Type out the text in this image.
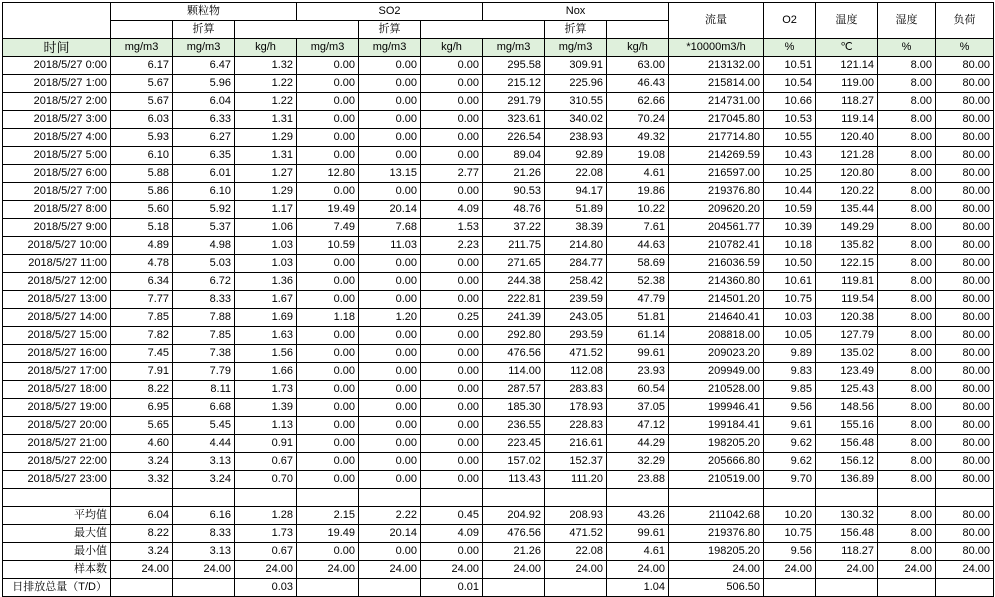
	颗粒物			SO2			Nox			流量	O2	温度	湿度	负荷
		折算			折算			折算						
时间	mg/m3	mg/m3	kg/h	mg/m3	mg/m3	kg/h	mg/m3	mg/m3	kg/h	*10000m3/h	%	℃	%	%
2018/5/27 0:00	6.17	6.47	1.32	0.00	0.00	0.00	295.58	309.91	63.00	213132.00	10.51	121.14	8.00	80.00
2018/5/27 1:00	5.67	5.96	1.22	0.00	0.00	0.00	215.12	225.96	46.43	215814.00	10.54	119.00	8.00	80.00
2018/5/27 2:00	5.67	6.04	1.22	0.00	0.00	0.00	291.79	310.55	62.66	214731.00	10.66	118.27	8.00	80.00
2018/5/27 3:00	6.03	6.33	1.31	0.00	0.00	0.00	323.61	340.02	70.24	217045.80	10.53	119.14	8.00	80.00
2018/5/27 4:00	5.93	6.27	1.29	0.00	0.00	0.00	226.54	238.93	49.32	217714.80	10.55	120.40	8.00	80.00
2018/5/27 5:00	6.10	6.35	1.31	0.00	0.00	0.00	89.04	92.89	19.08	214269.59	10.43	121.28	8.00	80.00
2018/5/27 6:00	5.88	6.01	1.27	12.80	13.15	2.77	21.26	22.08	4.61	216597.00	10.25	120.80	8.00	80.00
2018/5/27 7:00	5.86	6.10	1.29	0.00	0.00	0.00	90.53	94.17	19.86	219376.80	10.44	120.22	8.00	80.00
2018/5/27 8:00	5.60	5.92	1.17	19.49	20.14	4.09	48.76	51.89	10.22	209620.20	10.59	135.44	8.00	80.00
2018/5/27 9:00	5.18	5.37	1.06	7.49	7.68	1.53	37.22	38.39	7.61	204561.77	10.39	149.29	8.00	80.00
2018/5/27 10:00	4.89	4.98	1.03	10.59	11.03	2.23	211.75	214.80	44.63	210782.41	10.18	135.82	8.00	80.00
2018/5/27 11:00	4.78	5.03	1.03	0.00	0.00	0.00	271.65	284.77	58.69	216036.59	10.50	122.15	8.00	80.00
2018/5/27 12:00	6.34	6.72	1.36	0.00	0.00	0.00	244.38	258.42	52.38	214360.80	10.61	119.81	8.00	80.00
2018/5/27 13:00	7.77	8.33	1.67	0.00	0.00	0.00	222.81	239.59	47.79	214501.20	10.75	119.54	8.00	80.00
2018/5/27 14:00	7.85	7.88	1.69	1.18	1.20	0.25	241.39	243.05	51.81	214640.41	10.03	120.38	8.00	80.00
2018/5/27 15:00	7.82	7.85	1.63	0.00	0.00	0.00	292.80	293.59	61.14	208818.00	10.05	127.79	8.00	80.00
2018/5/27 16:00	7.45	7.38	1.56	0.00	0.00	0.00	476.56	471.52	99.61	209023.20	9.89	135.02	8.00	80.00
2018/5/27 17:00	7.91	7.79	1.66	0.00	0.00	0.00	114.00	112.08	23.93	209949.00	9.83	123.49	8.00	80.00
2018/5/27 18:00	8.22	8.11	1.73	0.00	0.00	0.00	287.57	283.83	60.54	210528.00	9.85	125.43	8.00	80.00
2018/5/27 19:00	6.95	6.68	1.39	0.00	0.00	0.00	185.30	178.93	37.05	199946.41	9.56	148.56	8.00	80.00
2018/5/27 20:00	5.65	5.45	1.13	0.00	0.00	0.00	236.55	228.83	47.12	199184.41	9.61	155.16	8.00	80.00
2018/5/27 21:00	4.60	4.44	0.91	0.00	0.00	0.00	223.45	216.61	44.29	198205.20	9.62	156.48	8.00	80.00
2018/5/27 22:00	3.24	3.13	0.67	0.00	0.00	0.00	157.02	152.37	32.29	205666.80	9.62	156.12	8.00	80.00
2018/5/27 23:00	3.32	3.24	0.70	0.00	0.00	0.00	113.43	111.20	23.88	210519.00	9.70	136.89	8.00	80.00

平均值	6.04	6.16	1.28	2.15	2.22	0.45	204.92	208.93	43.26	211042.68	10.20	130.32	8.00	80.00
最大值	8.22	8.33	1.73	19.49	20.14	4.09	476.56	471.52	99.61	219376.80	10.75	156.48	8.00	80.00
最小值	3.24	3.13	0.67	0.00	0.00	0.00	21.26	22.08	4.61	198205.20	9.56	118.27	8.00	80.00
样本数	24.00	24.00	24.00	24.00	24.00	24.00	24.00	24.00	24.00	24.00	24.00	24.00	24.00	24.00
日排放总量（T/D）			0.03			0.01			1.04	506.50				
